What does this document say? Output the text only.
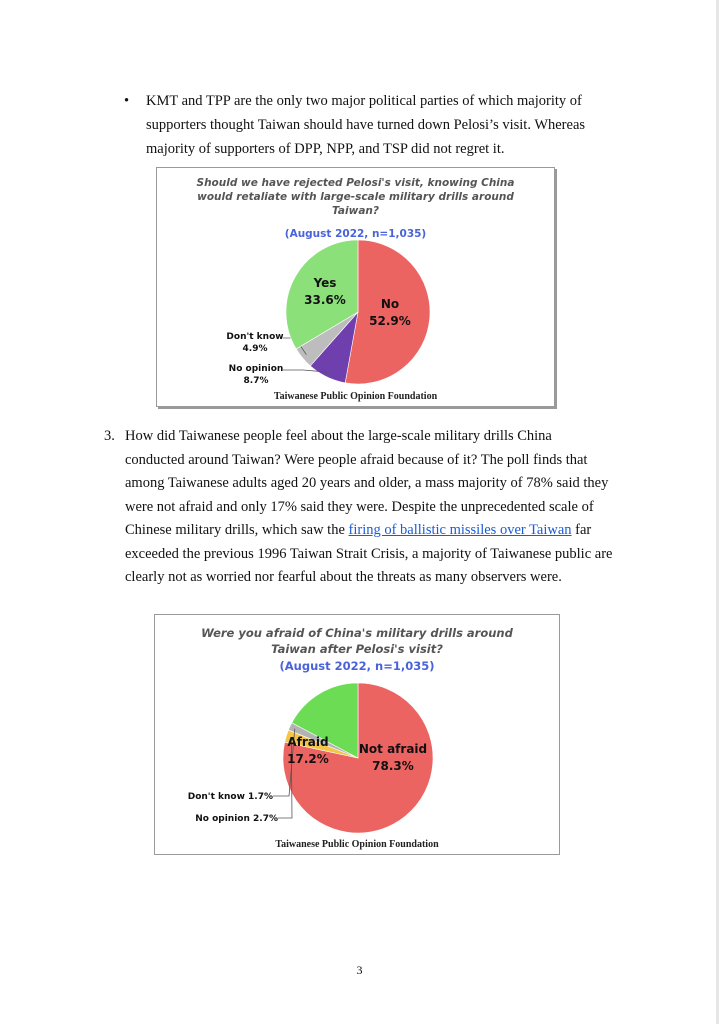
• KMT and TPP are the only two major political parties of which majority of supporters thought Taiwan should have turned down Pelosi’s visit. Whereas majority of supporters of DPP, NPP, and TSP did not regret it.
Should we have rejected Pelosi's visit, knowing China
would retaliate with large-scale military drills around
Taiwan?
(August 2022, n=1,035)
No
52.9%
No opinion
8.7%
Don't know
4.9%
Yes
33.6%
Taiwanese Public Opinion Foundation
3. How did Taiwanese people feel about the large-scale military drills China conducted around Taiwan? Were people afraid because of it? The poll finds that among Taiwanese adults aged 20 years and older, a mass majority of 78% said they were not afraid and only 17% said they were. Despite the unprecedented scale of Chinese military drills, which saw the firing of ballistic missiles over Taiwan far exceeded the previous 1996 Taiwan Strait Crisis, a majority of Taiwanese public are clearly not as worried nor fearful about the threats as many observers were.
Were you afraid of China's military drills around
Taiwan after Pelosi's visit?
(August 2022, n=1,035)
Not afraid
78.3%
No opinion 2.7%
Don't know 1.7%
Afraid
17.2%
Taiwanese Public Opinion Foundation
3
